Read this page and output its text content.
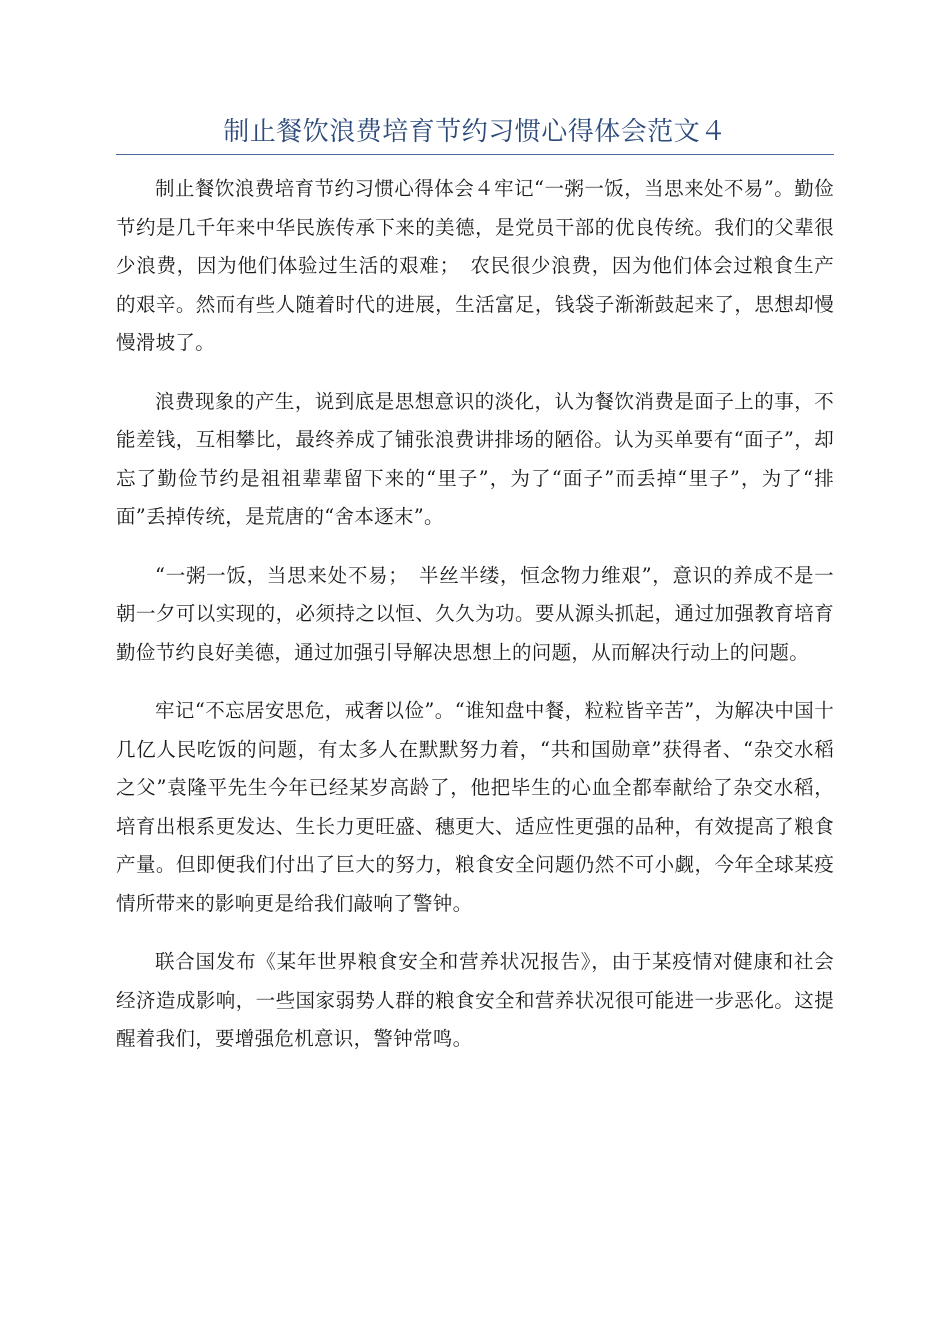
制止餐饮浪费培育节约习惯心得体会范文４

制止餐饮浪费培育节约习惯心得体会４牢记“一粥一饭，当思来处不易”。勤俭节约是几千年来中华民族传承下来的美德，是党员干部的优良传统。我们的父辈很少浪费，因为他们体验过生活的艰难；　农民很少浪费，因为他们体会过粮食生产的艰辛。然而有些人随着时代的进展，生活富足，钱袋子渐渐鼓起来了，思想却慢慢滑坡了。

浪费现象的产生，说到底是思想意识的淡化，认为餐饮消费是面子上的事，不能差钱，互相攀比，最终养成了铺张浪费讲排场的陋俗。认为买单要有“面子”，却忘了勤俭节约是祖祖辈辈留下来的“里子”，为了“面子”而丢掉“里子”，为了“排面”丢掉传统，是荒唐的“舍本逐末”。

“一粥一饭，当思来处不易；　半丝半缕，恒念物力维艰”，意识的养成不是一朝一夕可以实现的，必须持之以恒、久久为功。要从源头抓起，通过加强教育培育勤俭节约良好美德，通过加强引导解决思想上的问题，从而解决行动上的问题。

牢记“不忘居安思危，戒奢以俭”。“谁知盘中餐，粒粒皆辛苦”，为解决中国十几亿人民吃饭的问题，有太多人在默默努力着，“共和国勋章”获得者、“杂交水稻之父”袁隆平先生今年已经某岁高龄了，他把毕生的心血全都奉献给了杂交水稻，培育出根系更发达、生长力更旺盛、穗更大、适应性更强的品种，有效提高了粮食产量。但即便我们付出了巨大的努力，粮食安全问题仍然不可小觑，今年全球某疫情所带来的影响更是给我们敲响了警钟。

联合国发布《某年世界粮食安全和营养状况报告》，由于某疫情对健康和社会经济造成影响，一些国家弱势人群的粮食安全和营养状况很可能进一步恶化。这提醒着我们，要增强危机意识，警钟常鸣。
